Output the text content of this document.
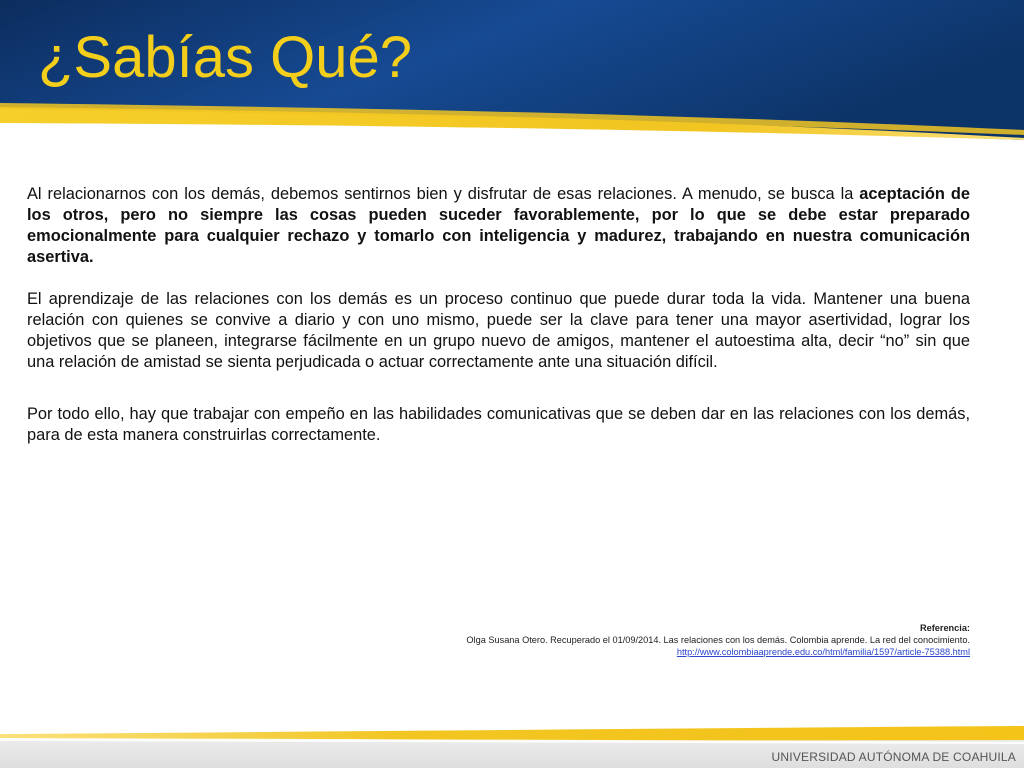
¿Sabías Qué?

Al relacionarnos con los demás, debemos sentirnos bien y disfrutar de esas relaciones. A menudo, se busca la aceptación de los otros, pero no siempre las cosas pueden suceder favorablemente, por lo que se debe estar preparado emocionalmente para cualquier rechazo y tomarlo con inteligencia y madurez, trabajando en nuestra comunicación asertiva.

El aprendizaje de las relaciones con los demás es un proceso continuo que puede durar toda la vida. Mantener una buena relación con quienes se convive a diario y con uno mismo, puede ser la clave para tener una mayor asertividad, lograr los objetivos que se planeen, integrarse fácilmente en un grupo nuevo de amigos, mantener el autoestima alta, decir “no” sin que una relación de amistad se sienta perjudicada o actuar correctamente ante una situación difícil.

Por todo ello, hay que trabajar con empeño en las habilidades comunicativas que se deben dar en las relaciones con los demás, para de esta manera construirlas correctamente.

Referencia:
Olga Susana Otero. Recuperado el 01/09/2014. Las relaciones con los demás. Colombia aprende. La red del conocimiento.
http://www.colombiaaprende.edu.co/html/familia/1597/article-75388.html
UNIVERSIDAD AUTÓNOMA DE COAHUILA
